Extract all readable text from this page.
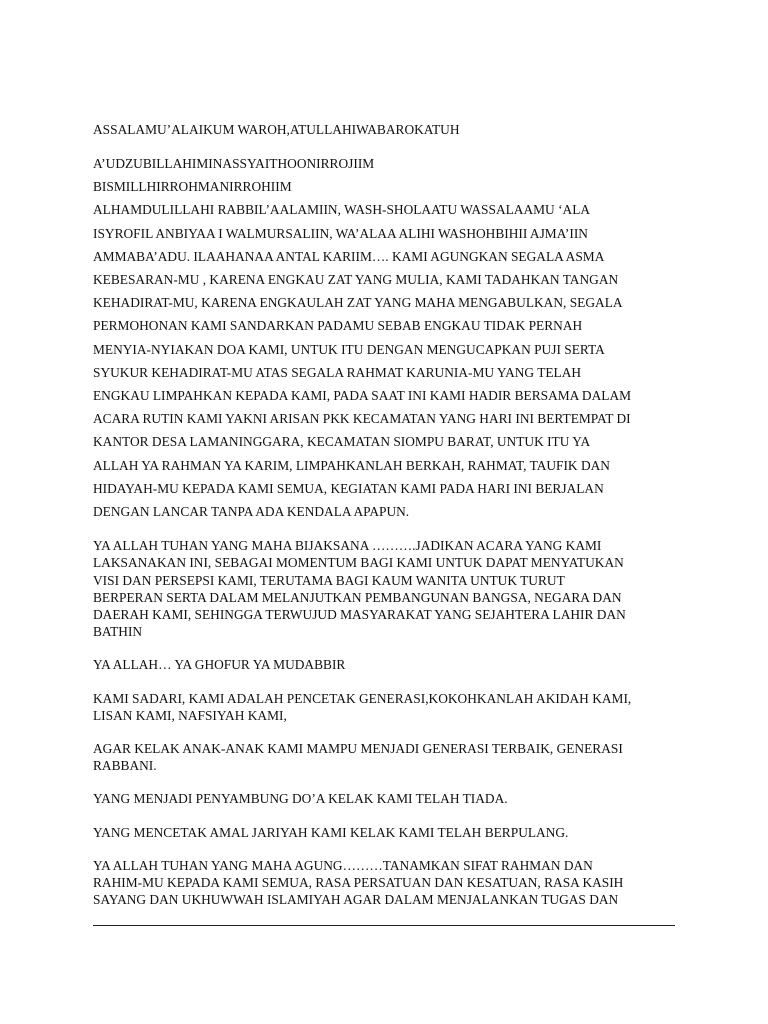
ASSALAMU’ALAIKUM WAROH,ATULLAHIWABAROKATUH

A’UDZUBILLAHIMINASSYAITHOONIRROJIIM
BISMILLHIRROHMANIRROHIIM
ALHAMDULILLAHI RABBIL’AALAMIIN, WASH-SHOLAATU WASSALAAMU ‘ALA
ISYROFIL ANBIYAA I WALMURSALIIN, WA’ALAA ALIHI WASHOHBIHII AJMA’IIN
AMMABA’ADU. ILAAHANAA ANTAL KARIIM…. KAMI AGUNGKAN SEGALA ASMA
KEBESARAN-MU , KARENA ENGKAU ZAT YANG MULIA, KAMI TADAHKAN TANGAN
KEHADIRAT-MU, KARENA ENGKAULAH ZAT YANG MAHA MENGABULKAN, SEGALA
PERMOHONAN KAMI SANDARKAN PADAMU SEBAB ENGKAU TIDAK PERNAH
MENYIA-NYIAKAN DOA KAMI, UNTUK ITU DENGAN MENGUCAPKAN PUJI SERTA
SYUKUR KEHADIRAT-MU ATAS SEGALA RAHMAT KARUNIA-MU YANG TELAH
ENGKAU LIMPAHKAN KEPADA KAMI, PADA SAAT INI KAMI HADIR BERSAMA DALAM
ACARA RUTIN KAMI YAKNI ARISAN PKK KECAMATAN YANG HARI INI BERTEMPAT DI
KANTOR DESA LAMANINGGARA, KECAMATAN SIOMPU BARAT, UNTUK ITU YA
ALLAH YA RAHMAN YA KARIM, LIMPAHKANLAH BERKAH, RAHMAT, TAUFIK DAN
HIDAYAH-MU KEPADA KAMI SEMUA, KEGIATAN KAMI PADA HARI INI BERJALAN
DENGAN LANCAR TANPA ADA KENDALA APAPUN.
YA ALLAH TUHAN YANG MAHA BIJAKSANA ……….JADIKAN ACARA YANG KAMI
LAKSANAKAN INI, SEBAGAI MOMENTUM BAGI KAMI UNTUK DAPAT MENYATUKAN
VISI DAN PERSEPSI KAMI, TERUTAMA BAGI KAUM WANITA UNTUK TURUT
BERPERAN SERTA DALAM MELANJUTKAN PEMBANGUNAN BANGSA, NEGARA DAN
DAERAH KAMI, SEHINGGA TERWUJUD MASYARAKAT YANG SEJAHTERA LAHIR DAN
BATHIN
YA ALLAH… YA GHOFUR YA MUDABBIR
KAMI SADARI, KAMI ADALAH PENCETAK GENERASI,KOKOHKANLAH AKIDAH KAMI,
LISAN KAMI, NAFSIYAH KAMI,
AGAR KELAK ANAK-ANAK KAMI MAMPU MENJADI GENERASI TERBAIK, GENERASI
RABBANI.
YANG MENJADI PENYAMBUNG DO’A KELAK KAMI TELAH TIADA.
YANG MENCETAK AMAL JARIYAH KAMI KELAK KAMI TELAH BERPULANG.
YA ALLAH TUHAN YANG MAHA AGUNG………TANAMKAN SIFAT RAHMAN DAN
RAHIM-MU KEPADA KAMI SEMUA, RASA PERSATUAN DAN KESATUAN, RASA KASIH
SAYANG DAN UKHUWWAH ISLAMIYAH AGAR DALAM MENJALANKAN TUGAS DAN
